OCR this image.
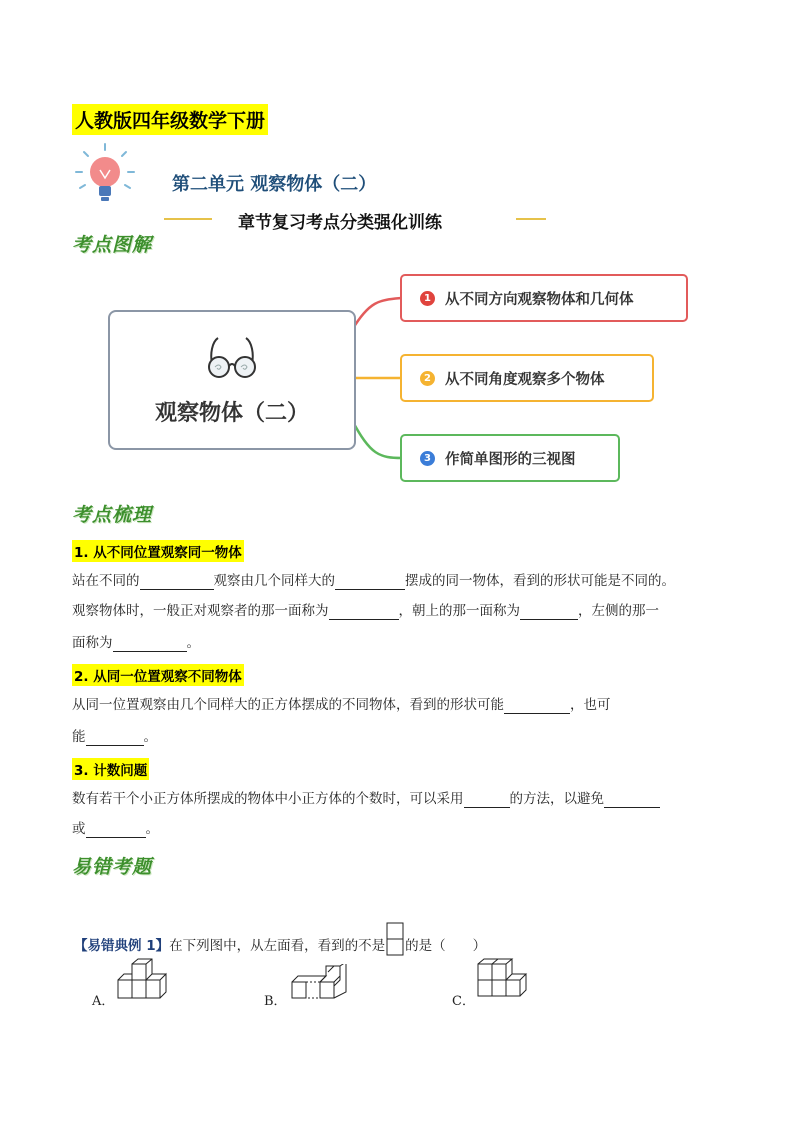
人教版四年级数学下册
第二单元 观察物体（二）
章节复习考点分类强化训练
考点图解
观察物体（二）
1 从不同方向观察物体和几何体
2 从不同角度观察多个物体
3 作简单图形的三视图
考点梳理
1. 从不同位置观察同一物体
站在不同的	观察由几个同样大的	摆成的同一物体，看到的形状可能是不同的。
观察物体时，一般正对观察者的那一面称为	，朝上的那一面称为	，左侧的那一
面称为	。
2. 从同一位置观察不同物体
从同一位置观察由几个同样大的正方体摆成的不同物体，看到的形状可能	，也可
能	。
3. 计数问题
数有若干个小正方体所摆成的物体中小正方体的个数时，可以采用	的方法，以避免
或	。
易错考题
【易错典例 1】在下列图中，从左面看，看到的不是 的是（　　）
A．	B．	C．
